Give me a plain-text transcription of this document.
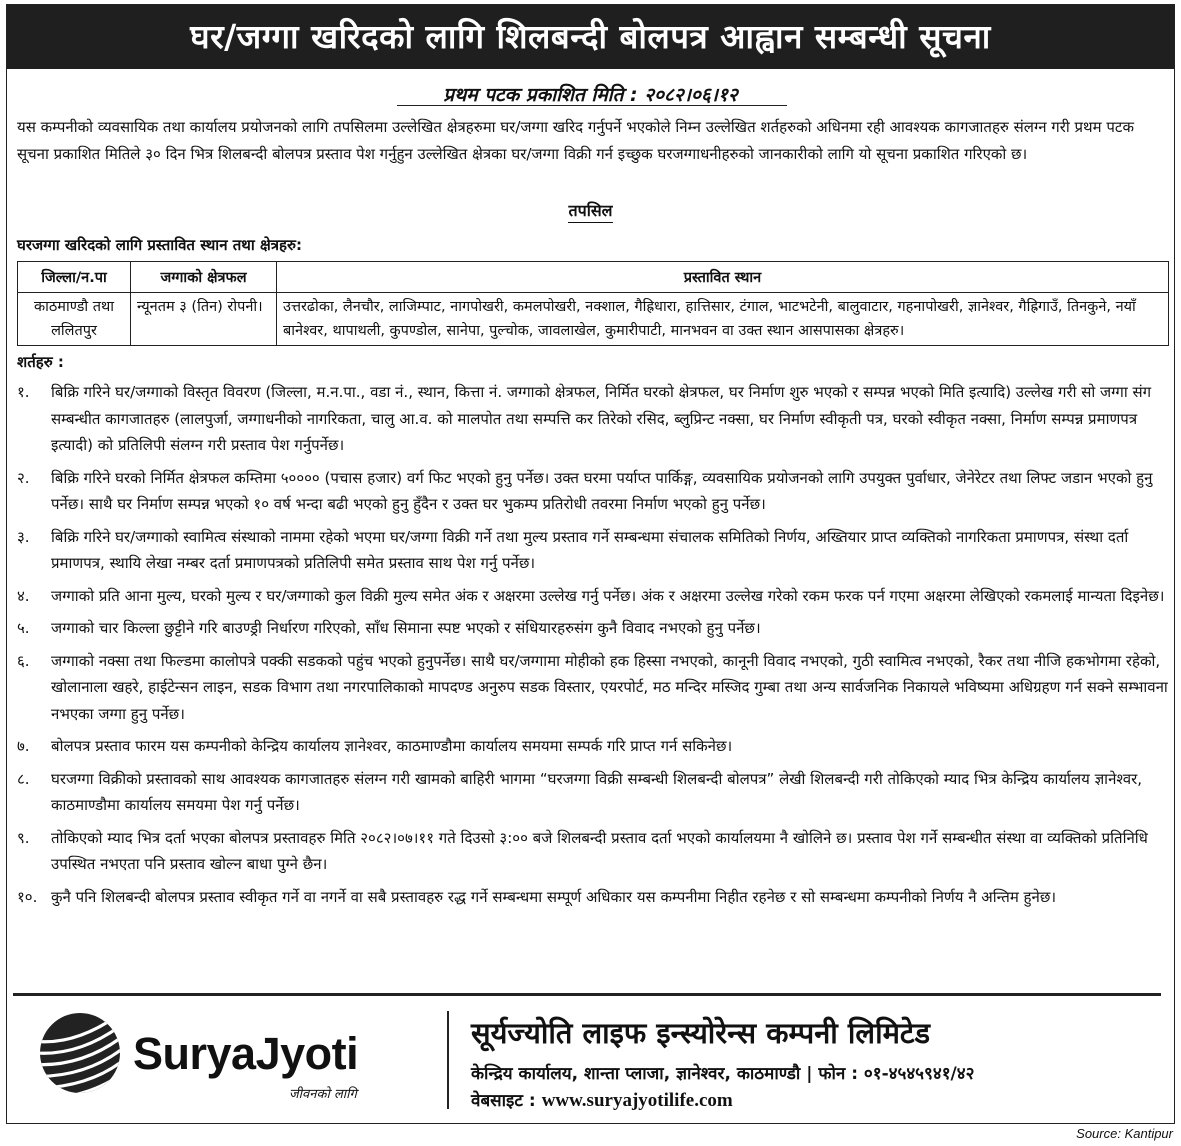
घर/जग्गा खरिदको लागि शिलबन्दी बोलपत्र आह्वान सम्बन्धी सूचना
प्रथम पटक प्रकाशित मिति : २०८२।०६।१२
यस कम्पनीको व्यवसायिक तथा कार्यालय प्रयोजनको लागि तपसिलमा उल्लेखित क्षेत्रहरुमा घर/जग्गा खरिद गर्नुपर्ने भएकोले निम्न उल्लेखित शर्तहरुको अधिनमा रही आवश्यक कागजातहरु संलग्न गरी प्रथम पटक सूचना प्रकाशित मितिले ३० दिन भित्र शिलबन्दी बोलपत्र प्रस्ताव पेश गर्नुहुन उल्लेखित क्षेत्रका घर/जग्गा विक्री गर्न इच्छुक घरजग्गाधनीहरुको जानकारीको लागि यो सूचना प्रकाशित गरिएको छ।
तपसिल
घरजग्गा खरिदको लागि प्रस्तावित स्थान तथा क्षेत्रहरु:
जिल्ला/न.पा	जग्गाको क्षेत्रफल	प्रस्तावित स्थान
काठमाण्डौ तथा ललितपुर	न्यूनतम ३ (तिन) रोपनी।	उत्तरढोका, लैनचौर, लाजिम्पाट, नागपोखरी, कमलपोखरी, नक्शाल, गैह्रिधारा, हात्तिसार, टंगाल, भाटभटेनी, बालुवाटार, गहनापोखरी, ज्ञानेश्वर, गैह्रिगाउँ, तिनकुने, नयाँ बानेश्वर, थापाथली, कुपण्डोल, सानेपा, पुल्चोक, जावलाखेल, कुमारीपाटी, मानभवन वा उक्त स्थान आसपासका क्षेत्रहरु।
शर्तहरु :
१.	बिक्रि गरिने घर/जग्गाको विस्तृत विवरण (जिल्ला, म.न.पा., वडा नं., स्थान, कित्ता नं. जग्गाको क्षेत्रफल, निर्मित घरको क्षेत्रफल, घर निर्माण शुरु भएको र सम्पन्न भएको मिति इत्यादि) उल्लेख गरी सो जग्गा संग सम्बन्धीत कागजातहरु (लालपुर्जा, जग्गाधनीको नागरिकता, चालु आ.व. को मालपोत तथा सम्पत्ति कर तिरेको रसिद, ब्लुप्रिन्ट नक्सा, घर निर्माण स्वीकृती पत्र, घरको स्वीकृत नक्सा, निर्माण सम्पन्न प्रमाणपत्र इत्यादी) को प्रतिलिपी संलग्न गरी प्रस्ताव पेश गर्नुपर्नेछ।
२.	बिक्रि गरिने घरको निर्मित क्षेत्रफल कम्तिमा ५०००० (पचास हजार) वर्ग फिट भएको हुनु पर्नेछ। उक्त घरमा पर्याप्त पार्किङ्ग, व्यवसायिक प्रयोजनको लागि उपयुक्त पुर्वाधार, जेनेरेटर तथा लिफ्ट जडान भएको हुनु पर्नेछ। साथै घर निर्माण सम्पन्न भएको १० वर्ष भन्दा बढी भएको हुनु हुँदैन र उक्त घर भुकम्प प्रतिरोधी तवरमा निर्माण भएको हुनु पर्नेछ।
३.	बिक्रि गरिने घर/जग्गाको स्वामित्व संस्थाको नाममा रहेको भएमा घर/जग्गा विक्री गर्ने तथा मुल्य प्रस्ताव गर्ने सम्बन्धमा संचालक समितिको निर्णय, अख्तियार प्राप्त व्यक्तिको नागरिकता प्रमाणपत्र, संस्था दर्ता प्रमाणपत्र, स्थायि लेखा नम्बर दर्ता प्रमाणपत्रको प्रतिलिपी समेत प्रस्ताव साथ पेश गर्नु पर्नेछ।
४.	जग्गाको प्रति आना मुल्य, घरको मुल्य र घर/जग्गाको कुल विक्री मुल्य समेत अंक र अक्षरमा उल्लेख गर्नु पर्नेछ। अंक र अक्षरमा उल्लेख गरेको रकम फरक पर्न गएमा अक्षरमा लेखिएको रकमलाई मान्यता दिइनेछ।
५.	जग्गाको चार किल्ला छुट्टीने गरि बाउण्ड्री निर्धारण गरिएको, साँध सिमाना स्पष्ट भएको र संधियारहरुसंग कुनै विवाद नभएको हुनु पर्नेछ।
६.	जग्गाको नक्सा तथा फिल्डमा कालोपत्रे पक्की सडकको पहुंच भएको हुनुपर्नेछ। साथै घर/जग्गामा मोहीको हक हिस्सा नभएको, कानूनी विवाद नभएको, गुठी स्वामित्व नभएको, रैकर तथा नीजि हकभोगमा रहेको, खोलानाला खहरे, हाईटेन्सन लाइन, सडक विभाग तथा नगरपालिकाको मापदण्ड अनुरुप सडक विस्तार, एयरपोर्ट, मठ मन्दिर मस्जिद गुम्बा तथा अन्य सार्वजनिक निकायले भविष्यमा अधिग्रहण गर्न सक्ने सम्भावना नभएका जग्गा हुनु पर्नेछ।
७.	बोलपत्र प्रस्ताव फारम यस कम्पनीको केन्द्रिय कार्यालय ज्ञानेश्वर, काठमाण्डौमा कार्यालय समयमा सम्पर्क गरि प्राप्त गर्न सकिनेछ।
८.	घरजग्गा विक्रीको प्रस्तावको साथ आवश्यक कागजातहरु संलग्न गरी खामको बाहिरी भागमा “घरजग्गा विक्री सम्बन्धी शिलबन्दी बोलपत्र” लेखी शिलबन्दी गरी तोकिएको म्याद भित्र केन्द्रिय कार्यालय ज्ञानेश्वर, काठमाण्डौमा कार्यालय समयमा पेश गर्नु पर्नेछ।
९.	तोकिएको म्याद भित्र दर्ता भएका बोलपत्र प्रस्तावहरु मिति २०८२।०७।११ गते दिउसो ३:०० बजे शिलबन्दी प्रस्ताव दर्ता भएको कार्यालयमा नै खोलिने छ। प्रस्ताव पेश गर्ने सम्बन्धीत संस्था वा व्यक्तिको प्रतिनिधि उपस्थित नभएता पनि प्रस्ताव खोल्न बाधा पुग्ने छैन।
१०. कुनै पनि शिलबन्दी बोलपत्र प्रस्ताव स्वीकृत गर्ने वा नगर्ने वा सबै प्रस्तावहरु रद्ध गर्ने सम्बन्धमा सम्पूर्ण अधिकार यस कम्पनीमा निहीत रहनेछ र सो सम्बन्धमा कम्पनीको निर्णय नै अन्तिम हुनेछ।
SuryaJyoti
जीवनको लागि
सूर्यज्योति लाइफ इन्स्योरेन्स कम्पनी लिमिटेड
केन्द्रिय कार्यालय, शान्ता प्लाजा, ज्ञानेश्वर, काठमाण्डौ | फोन : ०१-४५४५९४१/४२
वेबसाइट : www.suryajyotilife.com
Source: Kantipur
